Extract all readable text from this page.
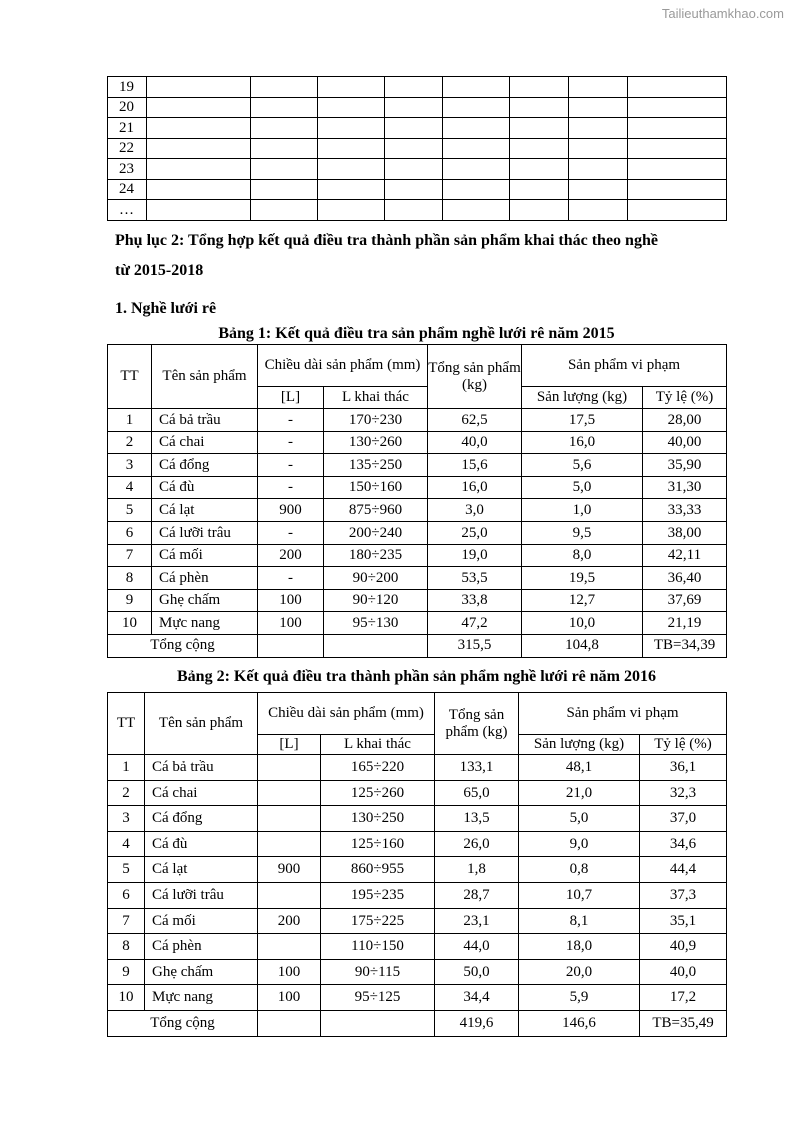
Tailieuthamkhao.com
19								
20								
21								
22								
23								
24								
…								
Phụ lục 2: Tổng hợp kết quả điều tra thành phần sản phẩm khai thác theo nghề
từ 2015-2018
1. Nghề lưới rê
Bảng 1: Kết quả điều tra sản phẩm nghề lưới rê năm 2015
TT	Tên sản phẩm	Chiều dài sản phẩm (mm)		Tổng sản phẩm (kg)	Sản phẩm vi phạm	
		[L]	L khai thác		Sản lượng (kg)	Tỷ lệ (%)
1	Cá bả trầu	-	170÷230	62,5	17,5	28,00
2	Cá chai	-	130÷260	40,0	16,0	40,00
3	Cá đổng	-	135÷250	15,6	5,6	35,90
4	Cá đù	-	150÷160	16,0	5,0	31,30
5	Cá lạt	900	875÷960	3,0	1,0	33,33
6	Cá lưỡi trâu	-	200÷240	25,0	9,5	38,00
7	Cá mối	200	180÷235	19,0	8,0	42,11
8	Cá phèn	-	90÷200	53,5	19,5	36,40
9	Ghẹ chấm	100	90÷120	33,8	12,7	37,69
10	Mực nang	100	95÷130	47,2	10,0	21,19
Tổng cộng				315,5	104,8	TB=34,39
Bảng 2: Kết quả điều tra thành phần sản phẩm nghề lưới rê năm 2016
TT	Tên sản phẩm	Chiều dài sản phẩm (mm)		Tổng sản phẩm (kg)	Sản phẩm vi phạm	
		[L]	L khai thác		Sản lượng (kg)	Tỷ lệ (%)
1	Cá bả trầu		165÷220	133,1	48,1	36,1
2	Cá chai		125÷260	65,0	21,0	32,3
3	Cá đổng		130÷250	13,5	5,0	37,0
4	Cá đù		125÷160	26,0	9,0	34,6
5	Cá lạt	900	860÷955	1,8	0,8	44,4
6	Cá lưỡi trâu		195÷235	28,7	10,7	37,3
7	Cá mối	200	175÷225	23,1	8,1	35,1
8	Cá phèn		110÷150	44,0	18,0	40,9
9	Ghẹ chấm	100	90÷115	50,0	20,0	40,0
10	Mực nang	100	95÷125	34,4	5,9	17,2
Tổng cộng				419,6	146,6	TB=35,49
